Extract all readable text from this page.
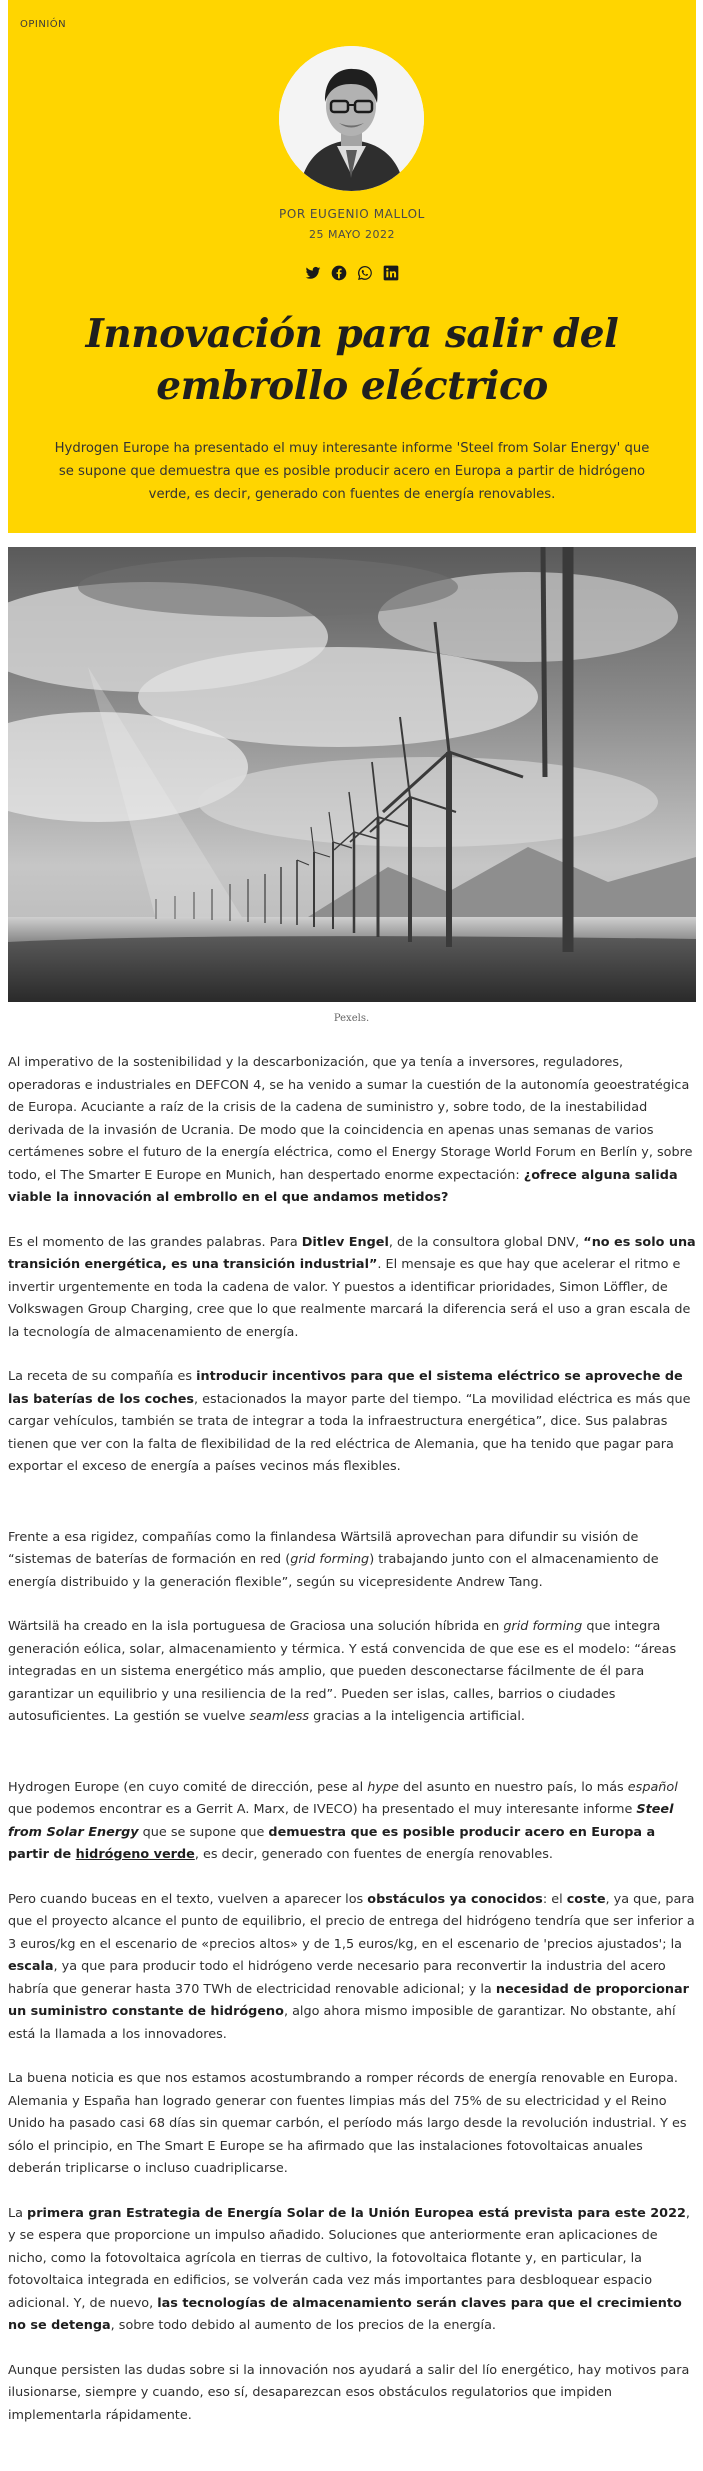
OPINIÓN
POR EUGENIO MALLOL
25 MAYO 2022
Innovación para salir del
embrollo eléctrico

Hydrogen Europe ha presentado el muy interesante informe 'Steel from Solar Energy' que se supone que demuestra que es posible producir acero en Europa a partir de hidrógeno verde, es decir, generado con fuentes de energía renovables.

Pexels.

Al imperativo de la sostenibilidad y la descarbonización, que ya tenía a inversores, reguladores, operadoras e industriales en DEFCON 4, se ha venido a sumar la cuestión de la autonomía geoestratégica de Europa. Acuciante a raíz de la crisis de la cadena de suministro y, sobre todo, de la inestabilidad derivada de la invasión de Ucrania. De modo que la coincidencia en apenas unas semanas de varios certámenes sobre el futuro de la energía eléctrica, como el Energy Storage World Forum en Berlín y, sobre todo, el The Smarter E Europe en Munich, han despertado enorme expectación: ¿ofrece alguna salida viable la innovación al embrollo en el que andamos metidos?

Es el momento de las grandes palabras. Para Ditlev Engel, de la consultora global DNV, “no es solo una transición energética, es una transición industrial”. El mensaje es que hay que acelerar el ritmo e invertir urgentemente en toda la cadena de valor. Y puestos a identificar prioridades, Simon Löffler, de Volkswagen Group Charging, cree que lo que realmente marcará la diferencia será el uso a gran escala de la tecnología de almacenamiento de energía.

La receta de su compañía es introducir incentivos para que el sistema eléctrico se aproveche de las baterías de los coches, estacionados la mayor parte del tiempo. “La movilidad eléctrica es más que cargar vehículos, también se trata de integrar a toda la infraestructura energética”, dice. Sus palabras tienen que ver con la falta de flexibilidad de la red eléctrica de Alemania, que ha tenido que pagar para exportar el exceso de energía a países vecinos más flexibles.

Frente a esa rigidez, compañías como la finlandesa Wärtsilä aprovechan para difundir su visión de “sistemas de baterías de formación en red (grid forming) trabajando junto con el almacenamiento de energía distribuido y la generación flexible”, según su vicepresidente Andrew Tang.

Wärtsilä ha creado en la isla portuguesa de Graciosa una solución híbrida en grid forming que integra generación eólica, solar, almacenamiento y térmica. Y está convencida de que ese es el modelo: “áreas integradas en un sistema energético más amplio, que pueden desconectarse fácilmente de él para garantizar un equilibrio y una resiliencia de la red”. Pueden ser islas, calles, barrios o ciudades autosuficientes. La gestión se vuelve seamless gracias a la inteligencia artificial.

Hydrogen Europe (en cuyo comité de dirección, pese al hype del asunto en nuestro país, lo más español que podemos encontrar es a Gerrit A. Marx, de IVECO) ha presentado el muy interesante informe Steel from Solar Energy que se supone que demuestra que es posible producir acero en Europa a partir de hidrógeno verde, es decir, generado con fuentes de energía renovables.

Pero cuando buceas en el texto, vuelven a aparecer los obstáculos ya conocidos: el coste, ya que, para que el proyecto alcance el punto de equilibrio, el precio de entrega del hidrógeno tendría que ser inferior a 3 euros/kg en el escenario de «precios altos» y de 1,5 euros/kg, en el escenario de 'precios ajustados'; la escala, ya que para producir todo el hidrógeno verde necesario para reconvertir la industria del acero habría que generar hasta 370 TWh de electricidad renovable adicional; y la necesidad de proporcionar un suministro constante de hidrógeno, algo ahora mismo imposible de garantizar. No obstante, ahí está la llamada a los innovadores.

La buena noticia es que nos estamos acostumbrando a romper récords de energía renovable en Europa. Alemania y España han logrado generar con fuentes limpias más del 75% de su electricidad y el Reino Unido ha pasado casi 68 días sin quemar carbón, el período más largo desde la revolución industrial. Y es sólo el principio, en The Smart E Europe se ha afirmado que las instalaciones fotovoltaicas anuales deberán triplicarse o incluso cuadriplicarse.

La primera gran Estrategia de Energía Solar de la Unión Europea está prevista para este 2022, y se espera que proporcione un impulso añadido. Soluciones que anteriormente eran aplicaciones de nicho, como la fotovoltaica agrícola en tierras de cultivo, la fotovoltaica flotante y, en particular, la fotovoltaica integrada en edificios, se volverán cada vez más importantes para desbloquear espacio adicional. Y, de nuevo, las tecnologías de almacenamiento serán claves para que el crecimiento no se detenga, sobre todo debido al aumento de los precios de la energía.

Aunque persisten las dudas sobre si la innovación nos ayudará a salir del lío energético, hay motivos para ilusionarse, siempre y cuando, eso sí, desaparezcan esos obstáculos regulatorios que impiden implementarla rápidamente.
